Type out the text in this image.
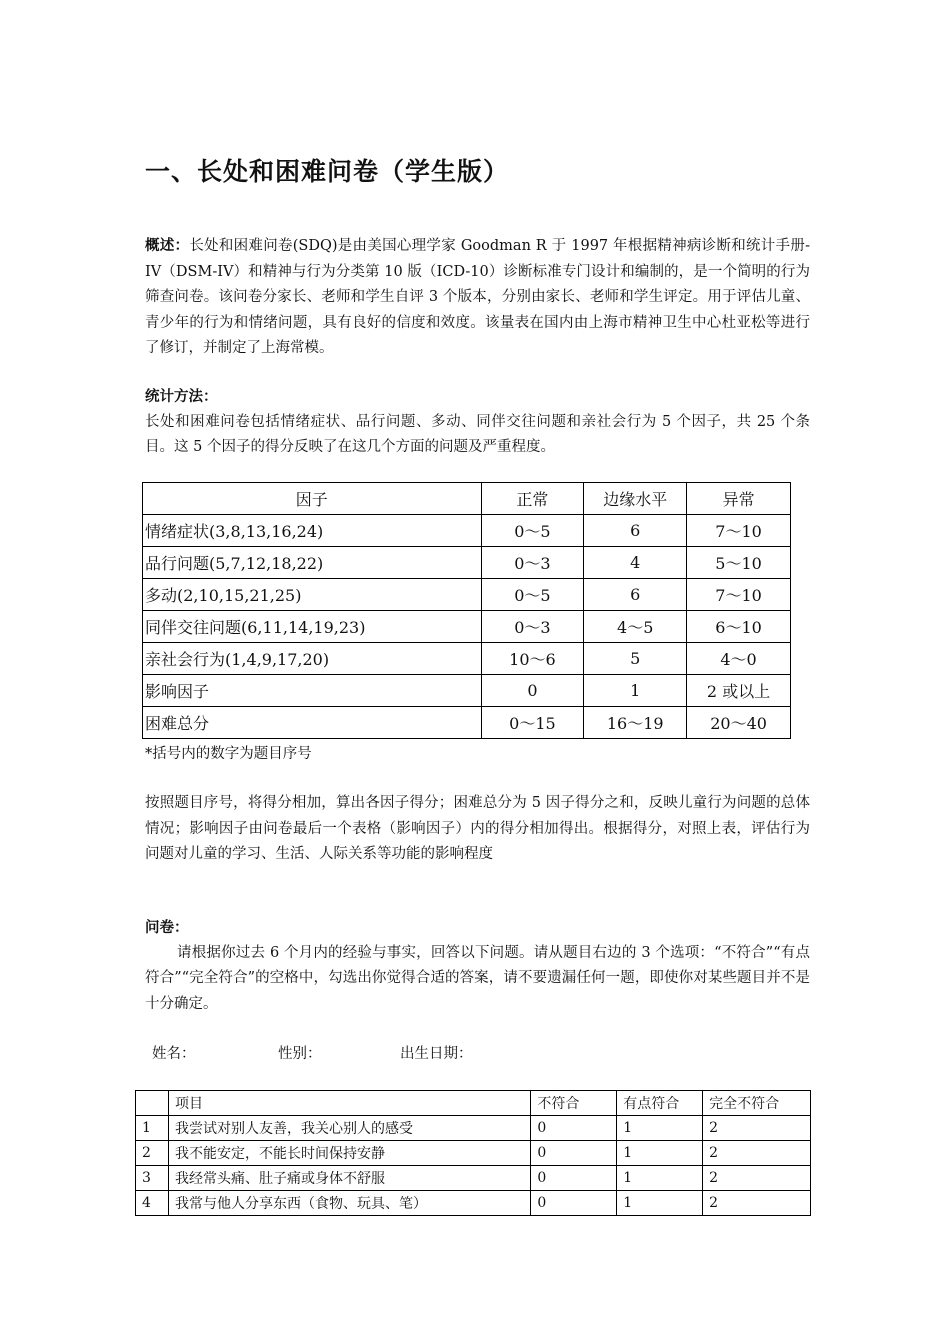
一、长处和困难问卷（学生版）
概述：长处和困难问卷(SDQ)是由美国心理学家 Goodman R 于 1997 年根据精神病诊断和统计手册-IV（DSM-IV）和精神与行为分类第 10 版（ICD-10）诊断标准专门设计和编制的，是一个简明的行为筛查问卷。该问卷分家长、老师和学生自评 3 个版本，分别由家长、老师和学生评定。用于评估儿童、青少年的行为和情绪问题，具有良好的信度和效度。该量表在国内由上海市精神卫生中心杜亚松等进行了修订，并制定了上海常模。
统计方法：
长处和困难问卷包括情绪症状、品行问题、多动、同伴交往问题和亲社会行为 5 个因子，共 25 个条目。这 5 个因子的得分反映了在这几个方面的问题及严重程度。
因子	正常	边缘水平	异常
情绪症状(3,8,13,16,24)	0～5	6	7～10
品行问题(5,7,12,18,22)	0～3	4	5～10
多动(2,10,15,21,25)	0～5	6	7～10
同伴交往问题(6,11,14,19,23)	0～3	4～5	6～10
亲社会行为(1,4,9,17,20)	10～6	5	4～0
影响因子	0	1	2 或以上
困难总分	0～15	16～19	20～40
*括号内的数字为题目序号
按照题目序号，将得分相加，算出各因子得分；困难总分为 5 因子得分之和，反映儿童行为问题的总体情况；影响因子由问卷最后一个表格（影响因子）内的得分相加得出。根据得分，对照上表，评估行为问题对儿童的学习、生活、人际关系等功能的影响程度
问卷：
请根据你过去 6 个月内的经验与事实，回答以下问题。请从题目右边的 3 个选项：“不符合”“有点符合”“完全符合”的空格中，勾选出你觉得合适的答案，请不要遗漏任何一题，即使你对某些题目并不是十分确定。
姓名：	性别：	出生日期：
	项目	不符合	有点符合	完全不符合
1	我尝试对别人友善，我关心别人的感受	0	1	2
2	我不能安定，不能长时间保持安静	0	1	2
3	我经常头痛、肚子痛或身体不舒服	0	1	2
4	我常与他人分享东西（食物、玩具、笔）	0	1	2
